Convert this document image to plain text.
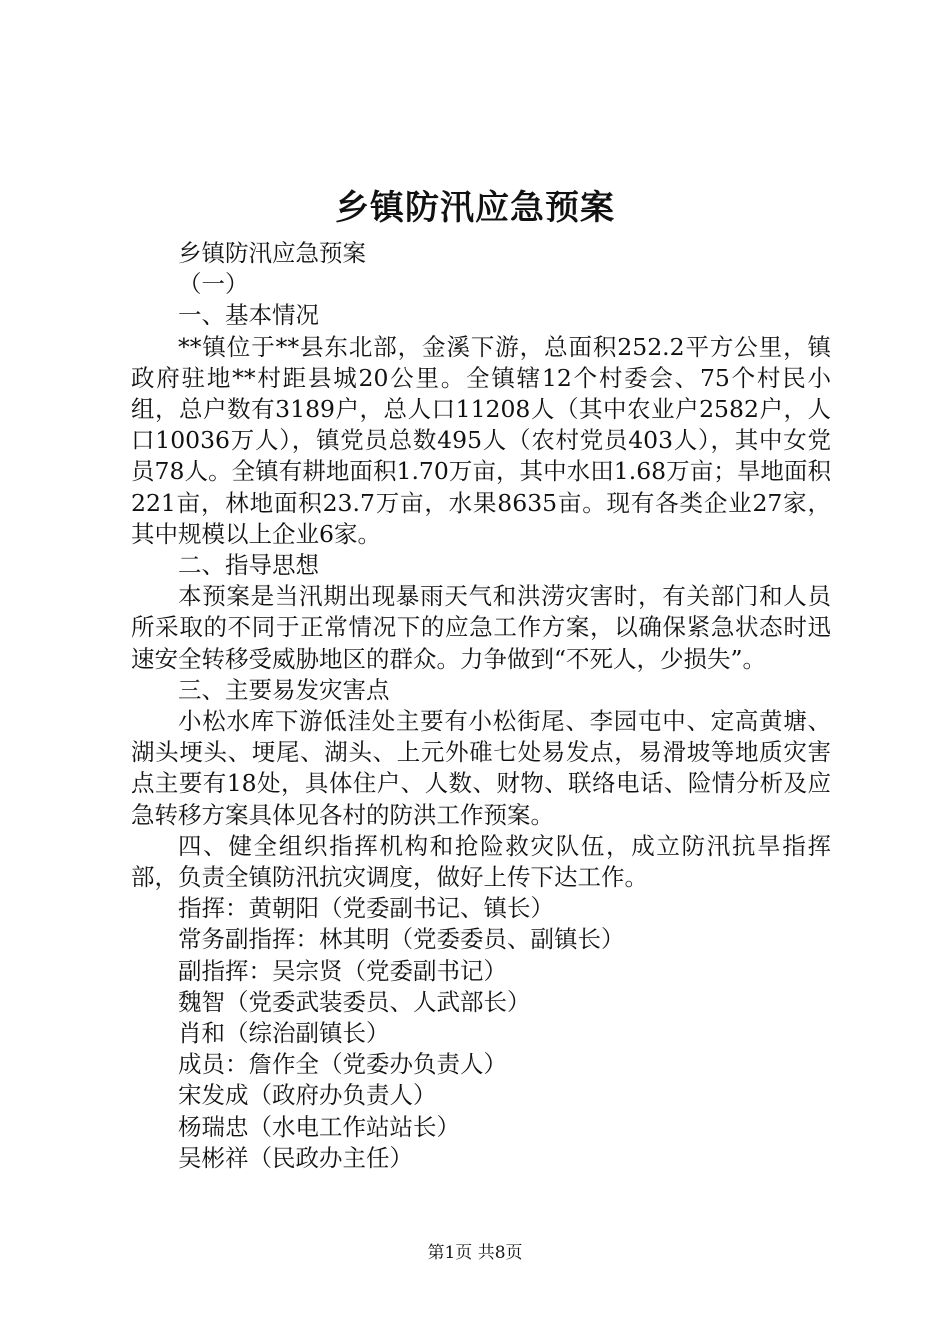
乡镇防汛应急预案

乡镇防汛应急预案

（一）

一、基本情况

**镇位于**县东北部，金溪下游，总面积252.2平方公里，镇政府驻地**村距县城20公里。全镇辖12个村委会、75个村民小组，总户数有3189户，总人口11208人（其中农业户2582户，人口10036万人），镇党员总数495人（农村党员403人），其中女党员78人。全镇有耕地面积1.70万亩，其中水田1.68万亩；旱地面积221亩，林地面积23.7万亩，水果8635亩。现有各类企业27家，其中规模以上企业6家。

二、指导思想

本预案是当汛期出现暴雨天气和洪涝灾害时，有关部门和人员所采取的不同于正常情况下的应急工作方案，以确保紧急状态时迅速安全转移受威胁地区的群众。力争做到“不死人，少损失”。

三、主要易发灾害点

小松水库下游低洼处主要有小松街尾、李园屯中、定高黄塘、湖头埂头、埂尾、湖头、上元外碓七处易发点，易滑坡等地质灾害点主要有18处，具体住户、人数、财物、联络电话、险情分析及应急转移方案具体见各村的防洪工作预案。

四、健全组织指挥机构和抢险救灾队伍，成立防汛抗旱指挥部，负责全镇防汛抗灾调度，做好上传下达工作。

指挥：黄朝阳（党委副书记、镇长）

常务副指挥：林其明（党委委员、副镇长）

副指挥：吴宗贤（党委副书记）

魏智（党委武装委员、人武部长）

肖和（综治副镇长）

成员：詹作全（党委办负责人）

宋发成（政府办负责人）

杨瑞忠（水电工作站站长）

吴彬祥（民政办主任）

第1页 共8页
